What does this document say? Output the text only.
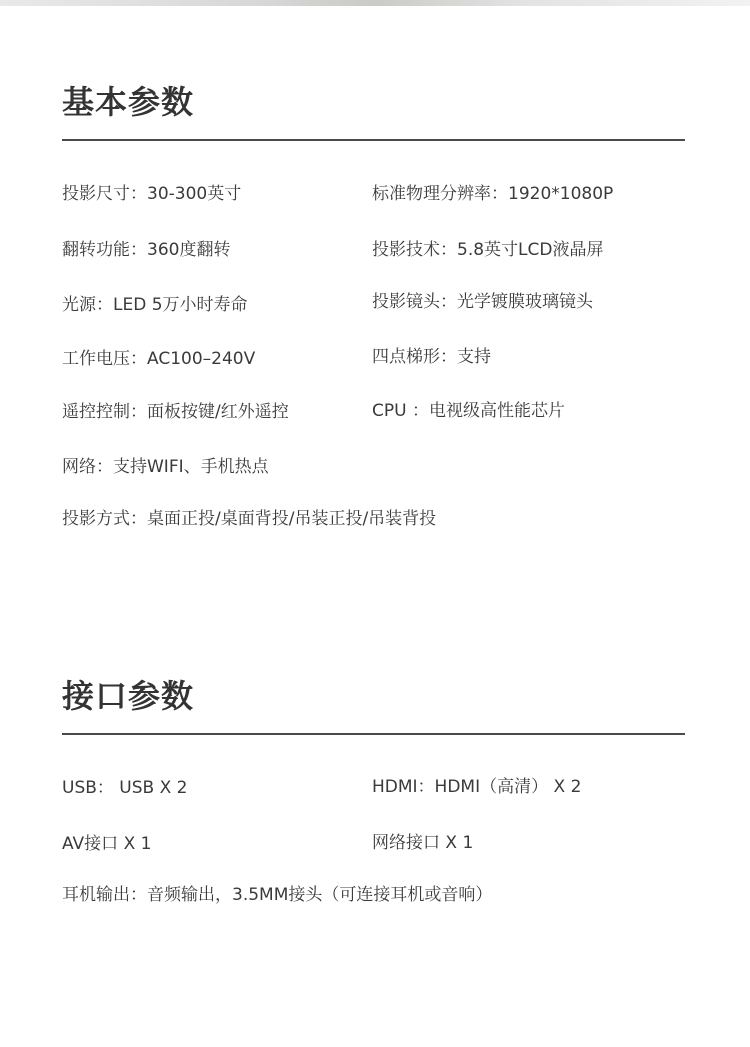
基本参数
投影尺寸：30-300英寸	标准物理分辨率：1920*1080P
翻转功能：360度翻转	投影技术：5.8英寸LCD液晶屏
光源：LED 5万小时寿命	投影镜头：光学镀膜玻璃镜头
工作电压：AC100–240V	四点梯形：支持
遥控控制：面板按键/红外遥控	CPU ：电视级高性能芯片
网络：支持WIFI、手机热点
投影方式：桌面正投/桌面背投/吊装正投/吊装背投
接口参数
USB： USB X 2	HDMI：HDMI（高清） X 2
AV接口 X 1	网络接口 X 1
耳机输出：音频输出，3.5MM接头（可连接耳机或音响）
